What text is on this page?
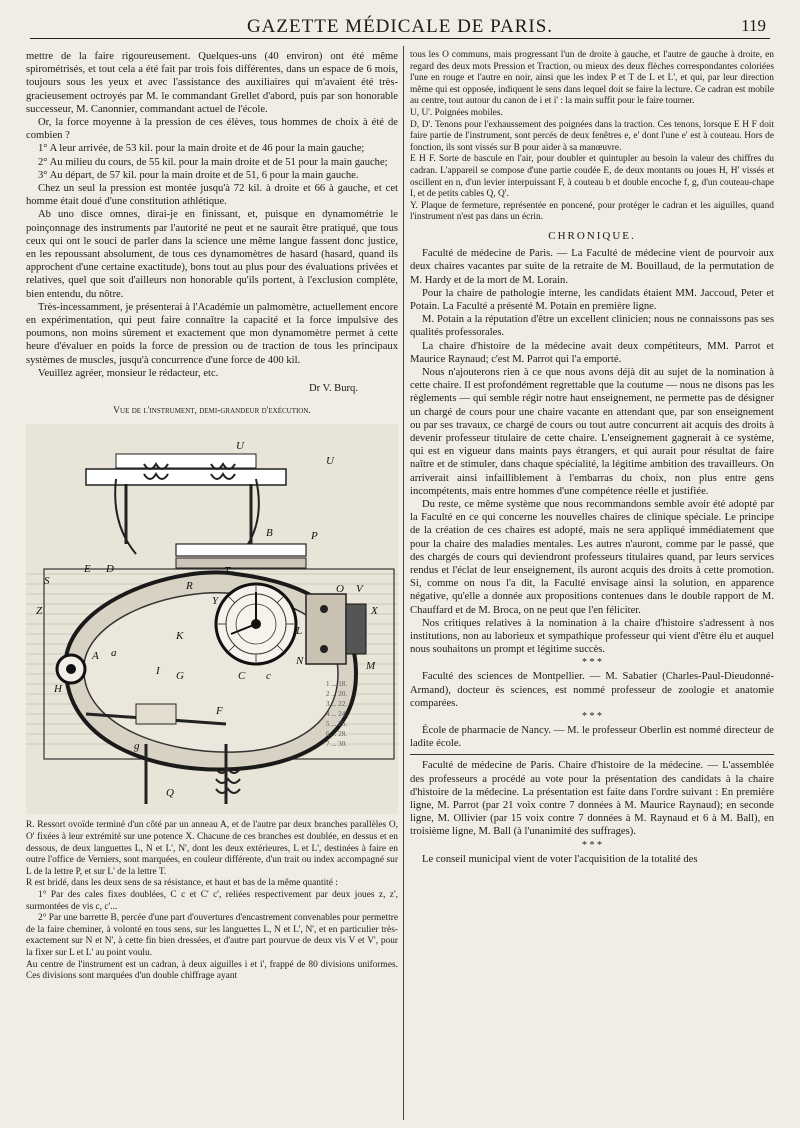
GAZETTE MÉDICALE DE PARIS.	119

mettre de la faire rigoureusement. Quelques-uns (40 environ) ont été même spirométrisés, et tout cela a été fait par trois fois différentes, dans un espace de 6 mois, toujours sous les yeux et avec l'assistance des auxiliaires qui m'avaient été très-gracieusement octroyés par M. le commandant Grellet d'abord, puis par son honorable successeur, M. Canonnier, commandant actuel de l'école.

Or, la force moyenne à la pression de ces élèves, tous hommes de choix à été de combien ?

1° A leur arrivée, de 53 kil. pour la main droite et de 46 pour la main gauche;

2° Au milieu du cours, de 55 kil. pour la main droite et de 51 pour la main gauche;

3° Au départ, de 57 kil. pour la main droite et de 51, 6 pour la main gauche.

Chez un seul la pression est montée jusqu'à 72 kil. à droite et 66 à gauche, et cet homme était doué d'une constitution athlétique.

Ab uno disce omnes, dirai-je en finissant, et, puisque en dynamométrie le poinçonnage des instruments par l'autorité ne peut et ne saurait être pratiqué, que tous ceux qui ont le souci de parler dans la science une même langue fassent donc justice, en les repoussant absolument, de tous ces dynamomètres de hasard (hasard, quand ils approchent d'une certaine exactitude), bons tout au plus pour des évaluations privées et relatives, quel que soit d'ailleurs non honorable qu'ils portent, à l'exclusion complète, bien entendu, du nôtre.

Très-incessamment, je présenterai à l'Académie un palmomètre, actuellement encore en expérimentation, qui peut faire connaître la capacité et la force impulsive des poumons, non moins sûrement et exactement que mon dynamomètre permet à cette heure d'évaluer en poids la force de pression ou de traction de tous les principaux systèmes de muscles, jusqu'à concurrence d'une force de 400 kil.

Veuillez agréer, monsieur le rédacteur, etc.

Dr V. Burq.
Vue de l'instrument, demi-grandeur d'exécution.
1 ... 18.
2 ... 20.
3 ... 22.
4 ... 24.
5 ... 26.
6 ... 28.
7 ... 30.
U
U
E
S
D
P
B
F
R
T
Y
X
O V
Z
H
G
g
L
N
C c
A a
I
K
M
Q

R. Ressort ovoïde terminé d'un côté par un anneau A, et de l'autre par deux branches parallèles O, O' fixées à leur extrémité sur une potence X. Chacune de ces branches est doublée, en dessus et en dessous, de deux languettes L, N et L', N', dont les deux extérieures, L et L', destinées à faire en outre l'office de Verniers, sont marquées, en couleur différente, d'un trait ou index accompagné sur L de la lettre P, et sur L' de la lettre T.

R est bridé, dans les deux sens de sa résistance, et haut et bas de la même quantité :

1° Par des cales fixes doublées, C c et C' c', reliées respectivement par deux joues z, z', surmontées de vis c, c'...

2° Par une barrette B, percée d'une part d'ouvertures d'encastrement convenables pour permettre de la faire cheminer, à volonté en tous sens, sur les languettes L, N et L', N', et en particulier très-exactement sur N et N', à cette fin bien dressées, et d'autre part pourvue de deux vis V et V', pour la fixer sur L et L' au point voulu.

Au centre de l'instrument est un cadran, à deux aiguilles i et i', frappé de 80 divisions uniformes. Ces divisions sont marquées d'un double chiffrage ayant

tous les O communs, mais progressant l'un de droite à gauche, et l'autre de gauche à droite, en regard des deux mots Pression et Traction, ou mieux des deux flèches correspondantes coloriées l'une en rouge et l'autre en noir, ainsi que les index P et T de L et L', et qui, par leur direction même qui est opposée, indiquent le sens dans lequel doit se faire la lecture. Ce cadran est mobile au centre, tout autour du canon de i et i' : la main suffit pour le faire tourner.

U, U'. Poignées mobiles.

D, D'. Tenons pour l'exhaussement des poignées dans la traction. Ces tenons, lorsque E H F doit faire partie de l'instrument, sont percés de deux fenêtres e, e' dont l'une e' est à couteau. Hors de fonction, ils sont vissés sur B pour aider à sa manœuvre.

E H F. Sorte de bascule en l'air, pour doubler et quintupler au besoin la valeur des chiffres du cadran. L'appareil se compose d'une partie coudée E, de deux montants ou joues H, H' vissés et oscillent en n, d'un levier interpuissant F, à couteau b et double encoche f, g, d'un couteau-chape I, et de petits cables Q, Q'.

Y. Plaque de fermeture, représentée en poncené, pour protéger le cadran et les aiguilles, quand l'instrument n'est pas dans un écrin.

CHRONIQUE.

Faculté de médecine de Paris. — La Faculté de médecine vient de pourvoir aux deux chaires vacantes par suite de la retraite de M. Bouillaud, de la permutation de M. Hardy et de la mort de M. Lorain.

Pour la chaire de pathologie interne, les candidats étaient MM. Jaccoud, Peter et Potain. La Faculté a présenté M. Potain en première ligne.

M. Potain a la réputation d'être un excellent clinicien; nous ne connaissons pas ses qualités professorales.

La chaire d'histoire de la médecine avait deux compétiteurs, MM. Parrot et Maurice Raynaud; c'est M. Parrot qui l'a emporté.

Nous n'ajouterons rien à ce que nous avons déjà dit au sujet de la nomination à cette chaire. Il est profondément regrettable que la coutume — nous ne disons pas les règlements — qui semble régir notre haut enseignement, ne permette pas de désigner un chargé de cours pour une chaire vacante en attendant que, par son enseignement ou par ses travaux, ce chargé de cours ou tout autre concurrent ait acquis des droits à devenir professeur titulaire de cette chaire. L'enseignement gagnerait à ce système, qui est en vigueur dans maints pays étrangers, et qui aurait pour résultat de faire naître et de stimuler, dans chaque spécialité, la légitime ambition des travailleurs. On arriverait ainsi infailliblement à l'embarras du choix, non plus entre gens incompétents, mais entre hommes d'une compétence réelle et justifiée.

Du reste, ce même système que nous recommandons semble avoir été adopté par la Faculté en ce qui concerne les nouvelles chaires de clinique spéciale. Le principe de la création de ces chaires est adopté, mais ne sera appliqué immédiatement que pour la chaire des maladies mentales. Les autres n'auront, comme par le passé, que des chargés de cours qui deviendront professeurs titulaires quand, par leurs services rendus et l'éclat de leur enseignement, ils auront acquis des droits à cette promotion. Si, comme on nous l'a dit, la Faculté envisage ainsi la solution, en apparence négative, qu'elle a donnée aux propositions contenues dans le double rapport de M. Chauffard et de M. Broca, on ne peut que l'en féliciter.

Nos critiques relatives à la nomination à la chaire d'histoire s'adressent à nos institutions, non au laborieux et sympathique professeur qui vient d'être élu et auquel nous souhaitons un prompt et légitime succès.

* * *

Faculté des sciences de Montpellier. — M. Sabatier (Charles-Paul-Dieudonné-Armand), docteur ès sciences, est nommé professeur de zoologie et anatomie comparées.

* * *

École de pharmacie de Nancy. — M. le professeur Oberlin est nommé directeur de ladite école.

Faculté de médecine de Paris. Chaire d'histoire de la médecine. — L'assemblée des professeurs a procédé au vote pour la présentation des candidats à la chaire d'histoire de la médecine. La présentation est faite dans l'ordre suivant : En première ligne, M. Parrot (par 21 voix contre 7 données à M. Maurice Raynaud); en seconde ligne, M. Ollivier (par 15 voix contre 7 données à M. Raynaud et 6 à M. Ball), en troisième ligne, M. Ball (à l'unanimité des suffrages).

* * *

Le conseil municipal vient de voter l'acquisition de la totalité des
